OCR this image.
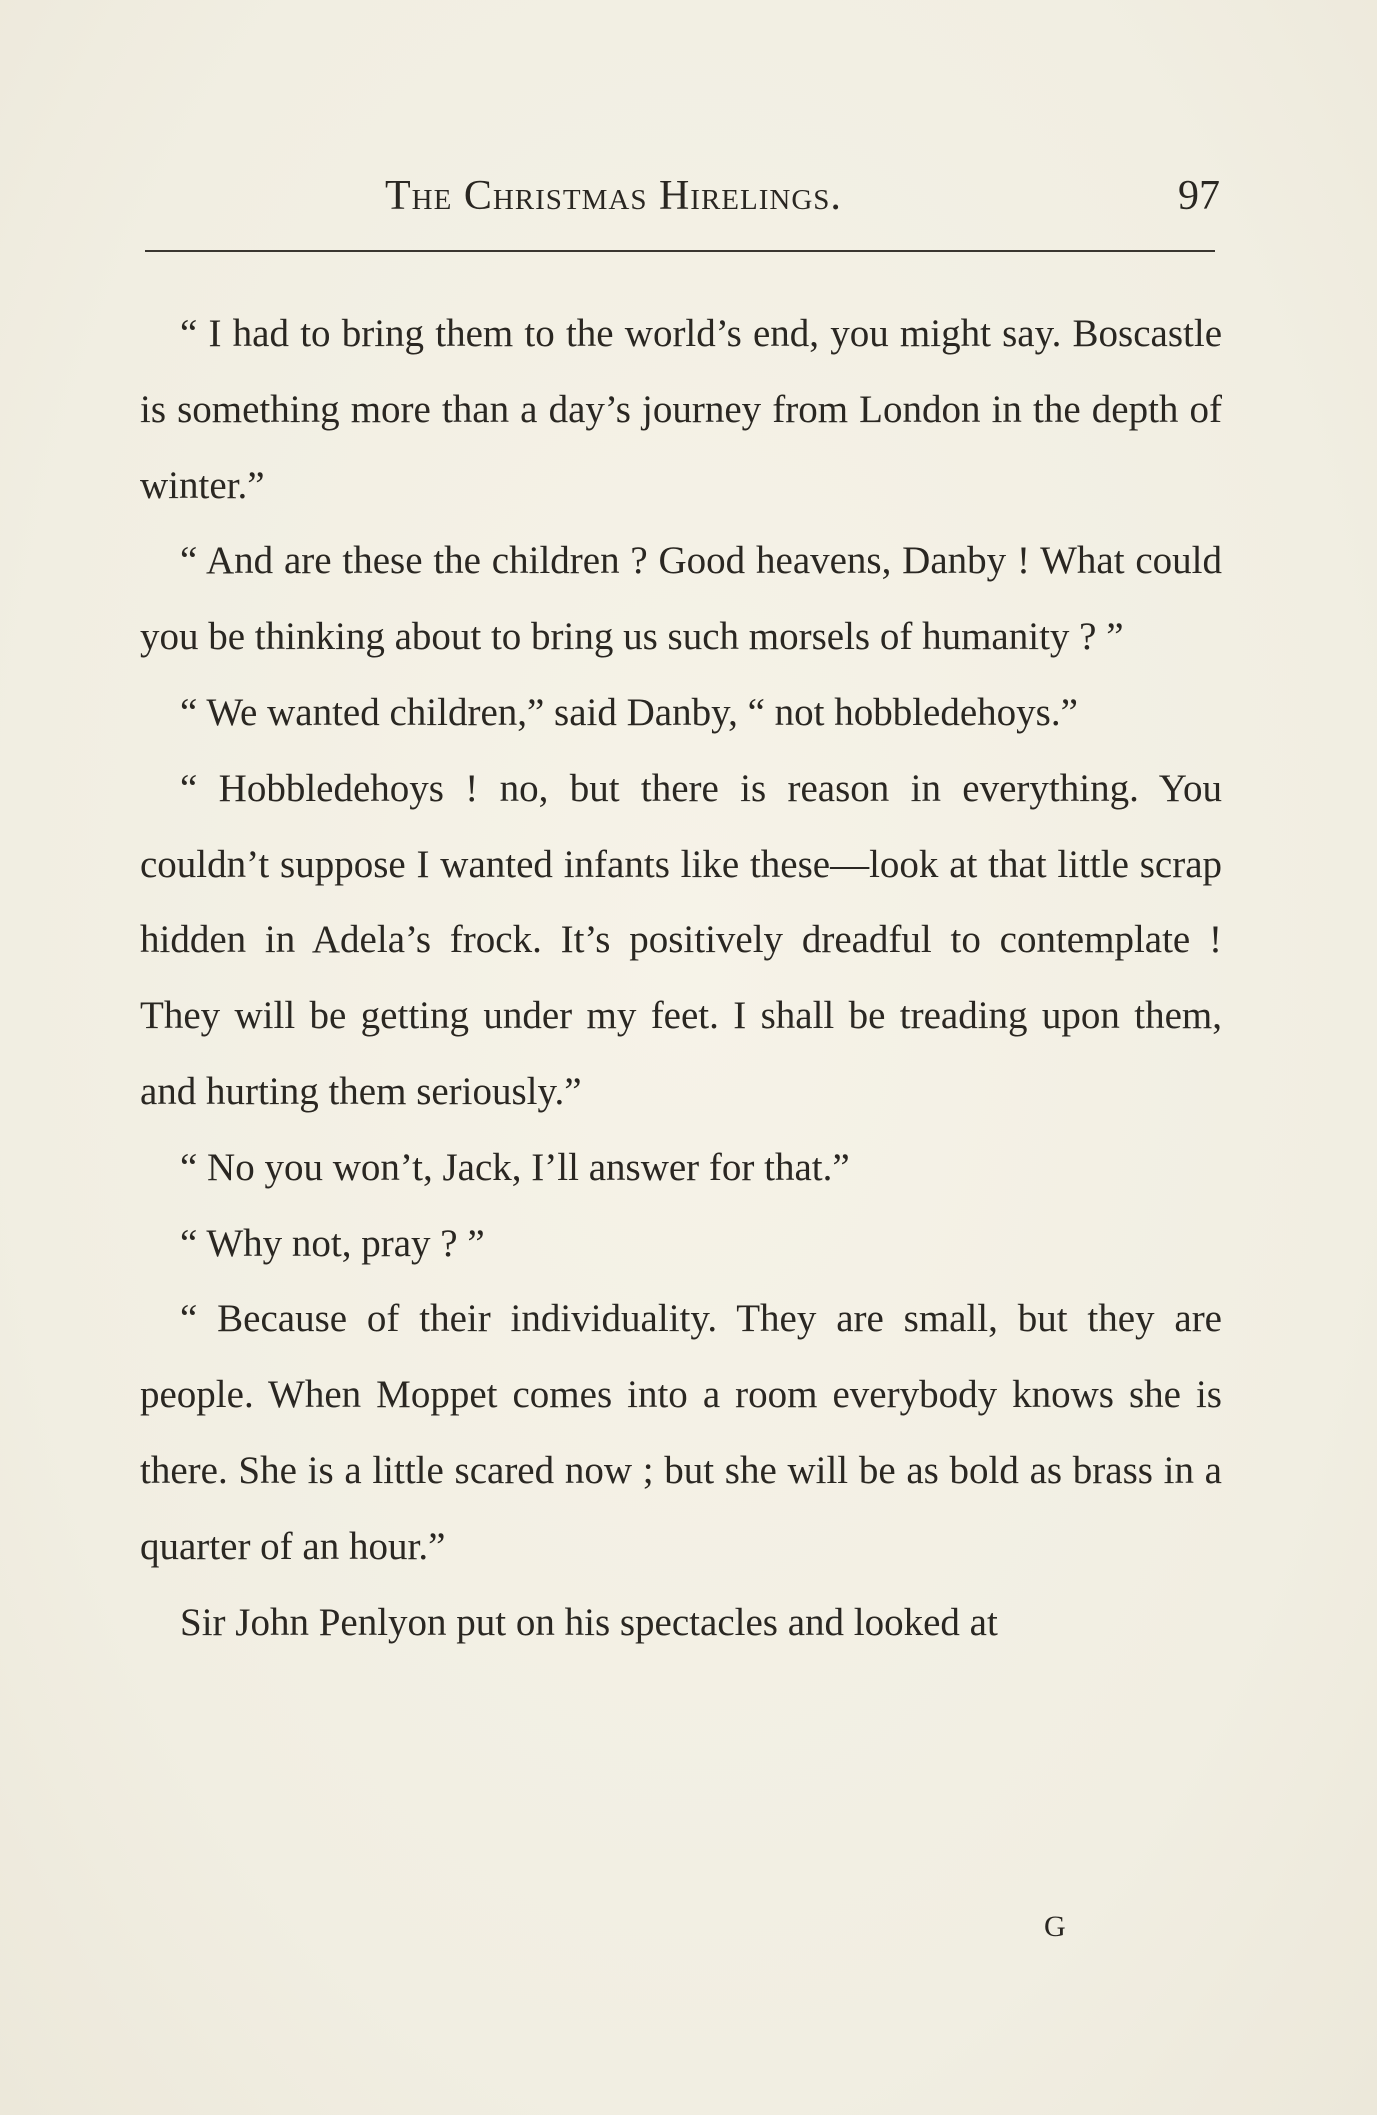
The Christmas Hirelings.	97

“ I had to bring them to the world’s end, you might say. Boscastle is something more than a day’s journey from London in the depth of winter.”

“ And are these the children ? Good heavens, Danby ! What could you be thinking about to bring us such morsels of humanity ? ”

“ We wanted children,” said Danby, “ not hobbledehoys.”

“ Hobbledehoys ! no, but there is reason in everything. You couldn’t suppose I wanted infants like these—look at that little scrap hidden in Adela’s frock. It’s positively dreadful to contemplate ! They will be getting under my feet. I shall be treading upon them, and hurting them seriously.”

“ No you won’t, Jack, I’ll answer for that.”

“ Why not, pray ? ”

“ Because of their individuality. They are small, but they are people. When Moppet comes into a room everybody knows she is there. She is a little scared now ; but she will be as bold as brass in a quarter of an hour.”

Sir John Penlyon put on his spectacles and looked at

G
